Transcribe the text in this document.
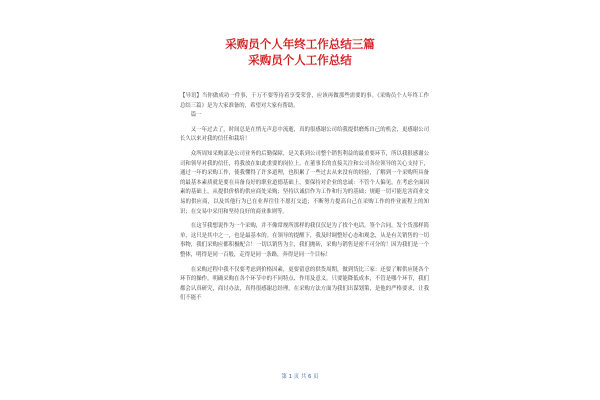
采购员个人年终工作总结三篇
采购员个人工作总结

【导语】当你做成功一件事，千万不要等待着享受荣誉，应该再做那些需要的事。《采购员个人年终工作总结三篇》是为大家准备的，希望对大家有帮助。

篇一

又一年过去了，时间总是在悄无声息中流逝，真的很感谢公司给我提供磨炼自己的机会，更感谢公司长久以来对我的信任和栽培！

众所周知采购部是公司业务的后勤保障，是关系到公司整个销售利益的最重要环节，所以我很感谢公司和领导对我的信任，将我放在如此重要的岗位上。在董事长的直接关注和公司各位领导的关心支持下，通过一年的采购工作，使我懂得了许多道理，也积累了一些过去从来没有的经验，了解到一个采购所具备的最基本素质就是要在具备良好的职业道德基础上，要保持对企业的忠诚：不管个人偏见，在考虑全面因素的基础上，从提供价格的供应商处采购；坚持以诚信作为工作和行为的基础；规避一切可能危害商业交易的供应商，以及其他行为已在业界往往不愿打交道；不断努力提高自己在采购工作的作业流程上的知识；在交易中采用和坚持良好的商业准则等。

在这节我想说作为一个采购，并不像常规所那样的我仅仅是为了找个电话，签个合同，发个货那样简单，这只是其中之一，也是最基本的。在领导的提醒下，我及时调整好心态和观念，从是有关销售的一切事物，我们采购应都积极配合！一切以销售为主，我们抛砖，采购与销售是密不可分的！因为我们是一个整体，明得是同一百般，走得是同一条路，奔得是同一个目标！

在采购过程中我不仅要考虑到价格因素，更要留意的供货周期，做到货比三家：还要了解供应链各个环节的操作，明确采购在各个环节中的不同特点、作用及意义。只要能降低成本，不管是哪个环节，我们都会认真研究，商讨办法，真得很感谢总经理，在采购方法方面为我们出谋划策，是他的严格要求，让我们不能不

第 1 页 共 6 页
